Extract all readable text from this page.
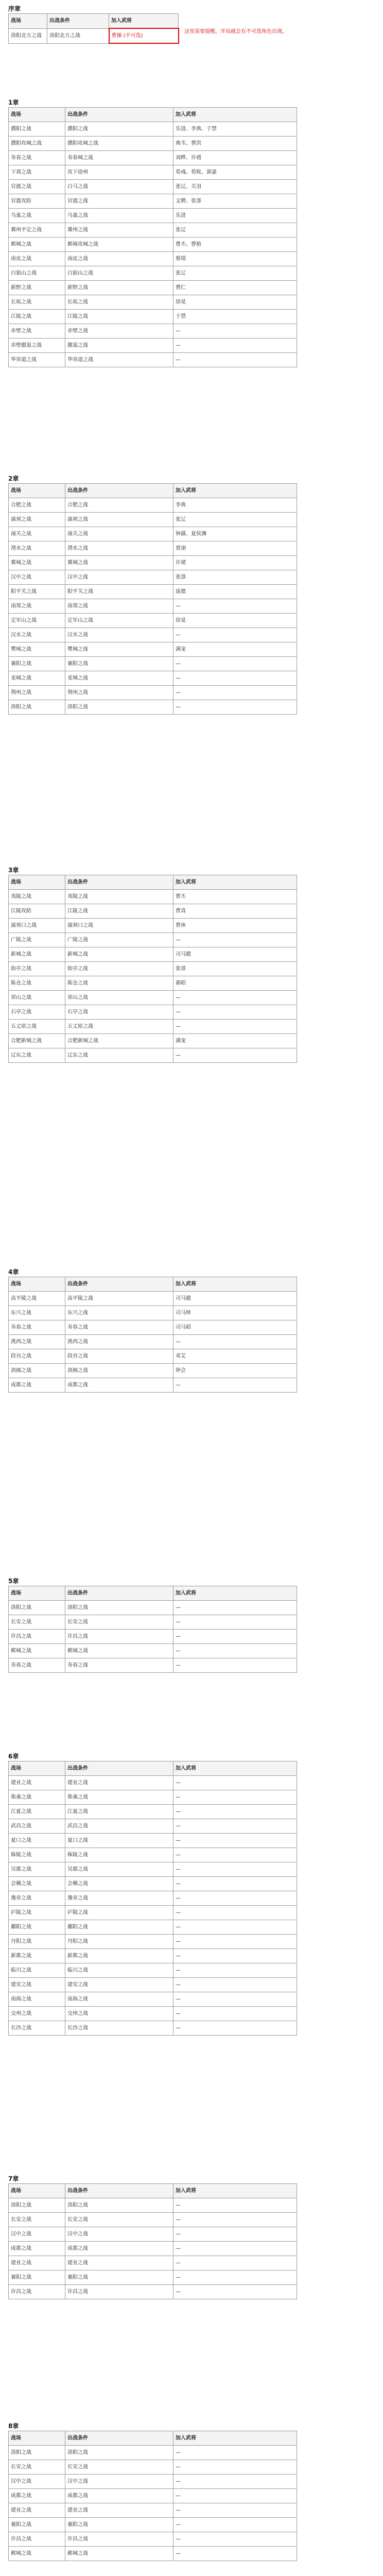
序章
战场	出战条件	加入武将
洛阳北方之战	洛阳北方之战	曹操 (不可选)
这里需要提醒，开局就会有不可选角色出现。
1章
战场	出战条件	加入武将
濮阳之战	濮阳之战	乐进、李典、于禁
濮阳攻城之战	濮阳攻城之战	典韦、曹洪
寿春之战	寿春城之战	刘晔、许褚
下邳之战	攻下徐州	荀彧、荀攸、郭嘉
官渡之战	白马之战	张辽、关羽
官渡攻防	官渡之战	文聘、张郃
乌巢之战	乌巢之战	乐进
冀州平定之战	冀州之战	张辽
邺城之战	邺城攻城之战	曹丕、曹植
南皮之战	南皮之战	蔡瑁
白狼山之战	白狼山之战	张辽
新野之战	新野之战	曹仁
长坂之战	长坂之战	徐晃
江陵之战	江陵之战	于禁
赤壁之战	赤壁之战	—
赤壁撤退之战	撤退之战	—
华容道之战	华容道之战	—
2章
战场	出战条件	加入武将
合肥之战	合肥之战	李典
濡须之战	濡须之战	张辽
潼关之战	潼关之战	钟繇、夏侯渊
渭水之战	渭水之战	贾诩
冀城之战	冀城之战	许褚
汉中之战	汉中之战	张郃
阳平关之战	阳平关之战	庞德
南郑之战	南郑之战	—
定军山之战	定军山之战	徐晃
汉水之战	汉水之战	—
樊城之战	樊城之战	满宠
襄阳之战	襄阳之战	—
麦城之战	麦城之战	—
荆州之战	荆州之战	—
洛阳之战	洛阳之战	—
3章
战场	出战条件	加入武将
夷陵之战	夷陵之战	曹丕
江陵攻防	江陵之战	曹真
濡须口之战	濡须口之战	曹休
广陵之战	广陵之战	—
新城之战	新城之战	司马懿
街亭之战	街亭之战	张郃
陈仓之战	陈仓之战	郝昭
祁山之战	祁山之战	—
石亭之战	石亭之战	—
五丈原之战	五丈原之战	—
合肥新城之战	合肥新城之战	满宠
辽东之战	辽东之战	—
4章
战场	出战条件	加入武将
高平陵之战	高平陵之战	司马懿
东兴之战	东兴之战	司马师
寿春之战	寿春之战	司马昭
洮西之战	洮西之战	—
段谷之战	段谷之战	邓艾
剑阁之战	剑阁之战	钟会
成都之战	成都之战	—
5章
战场	出战条件	加入武将
洛阳之战	洛阳之战	—
长安之战	长安之战	—
许昌之战	许昌之战	—
邺城之战	邺城之战	—
寿春之战	寿春之战	—
6章
战场	出战条件	加入武将
建业之战	建业之战	—
柴桑之战	柴桑之战	—
江夏之战	江夏之战	—
武昌之战	武昌之战	—
夏口之战	夏口之战	—
秣陵之战	秣陵之战	—
吴郡之战	吴郡之战	—
会稽之战	会稽之战	—
豫章之战	豫章之战	—
庐陵之战	庐陵之战	—
鄱阳之战	鄱阳之战	—
丹阳之战	丹阳之战	—
新都之战	新都之战	—
临川之战	临川之战	—
建安之战	建安之战	—
南海之战	南海之战	—
交州之战	交州之战	—
长沙之战	长沙之战	—
7章
战场	出战条件	加入武将
洛阳之战	洛阳之战	—
长安之战	长安之战	—
汉中之战	汉中之战	—
成都之战	成都之战	—
建业之战	建业之战	—
襄阳之战	襄阳之战	—
许昌之战	许昌之战	—
8章
战场	出战条件	加入武将
洛阳之战	洛阳之战	—
长安之战	长安之战	—
汉中之战	汉中之战	—
成都之战	成都之战	—
建业之战	建业之战	—
襄阳之战	襄阳之战	—
许昌之战	许昌之战	—
邺城之战	邺城之战	—
